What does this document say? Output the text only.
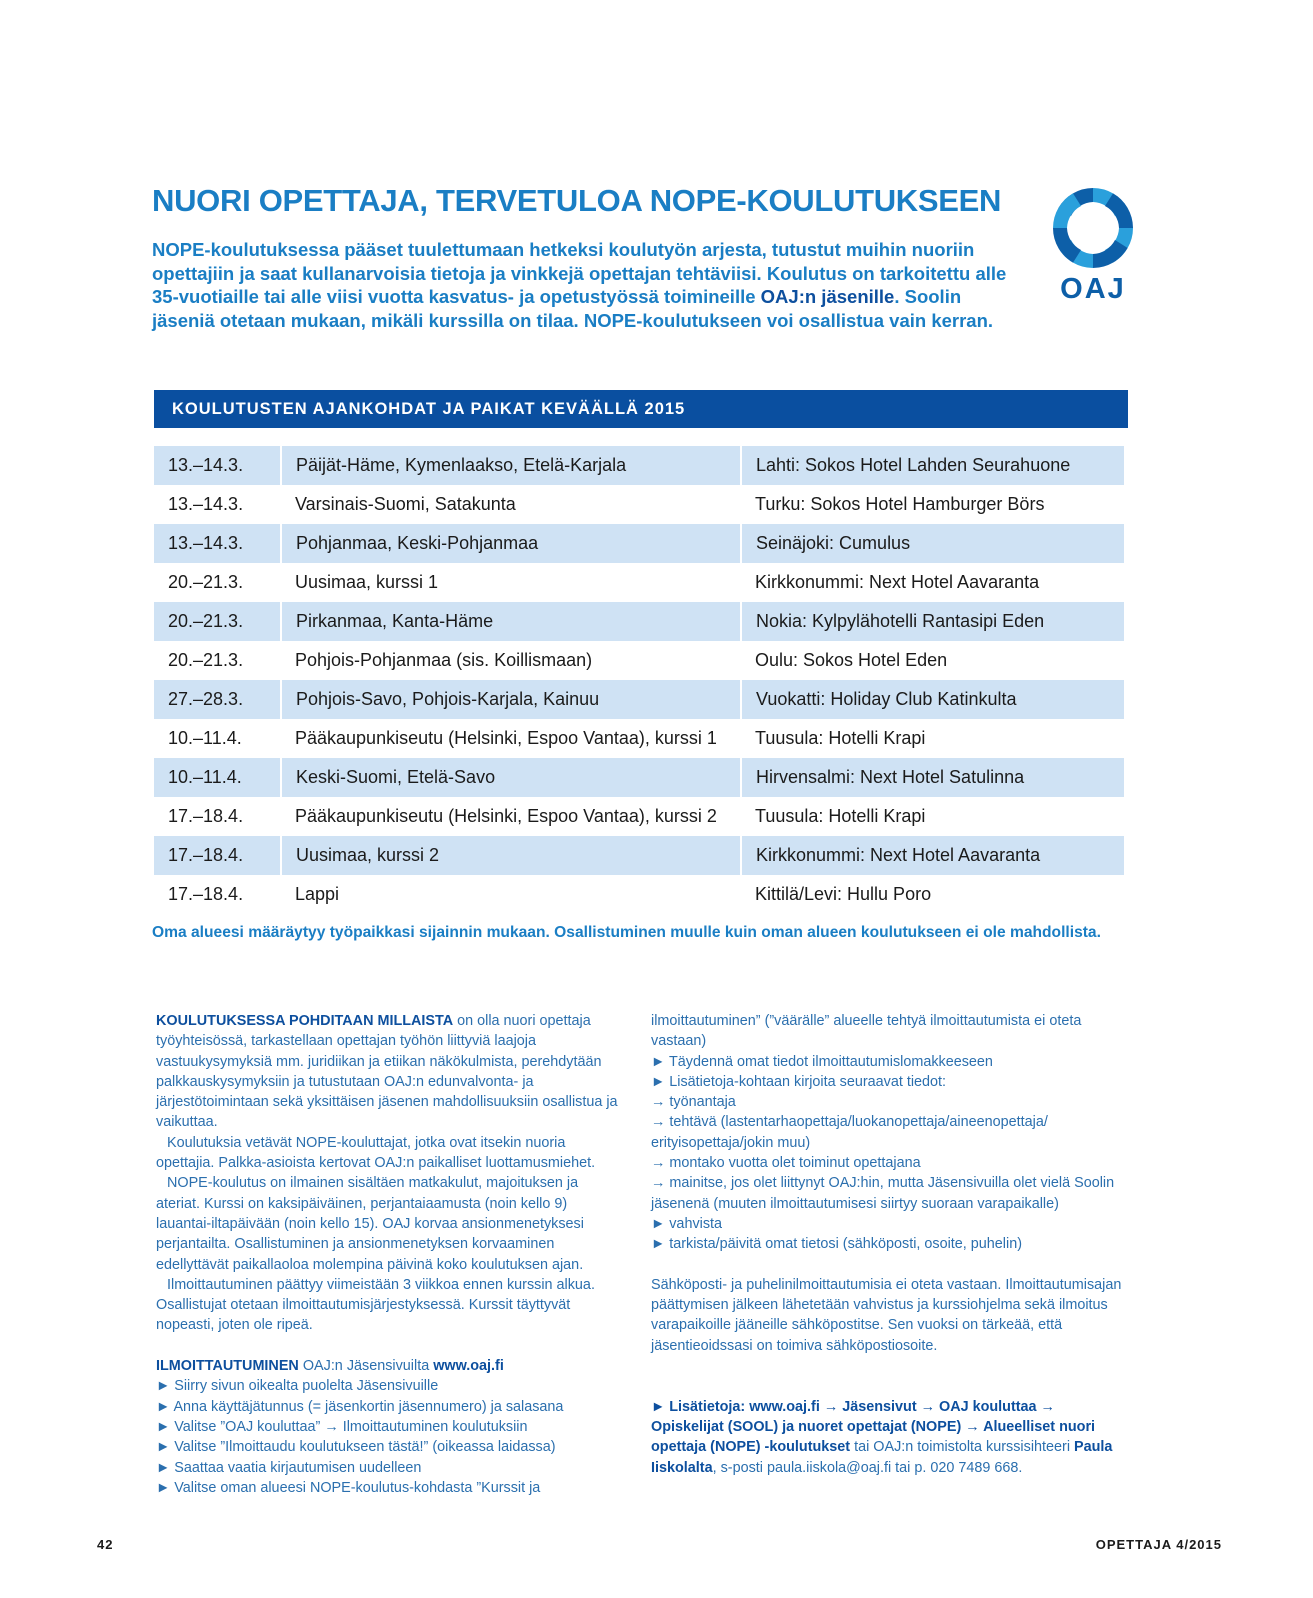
NUORI OPETTAJA, TERVETULOA NOPE-KOULUTUKSEEN

NOPE-koulutuksessa pääset tuulettumaan hetkeksi koulutyön arjesta, tutustut muihin nuoriin opettajiin ja saat kullanarvoisia tietoja ja vinkkejä opettajan tehtäviisi. Koulutus on tarkoitettu alle 35-vuotiaille tai alle viisi vuotta kasvatus- ja opetustyössä toimineille OAJ:n jäsenille. Soolin jäseniä otetaan mukaan, mikäli kurssilla on tilaa. NOPE-koulutukseen voi osallistua vain kerran.

OAJ
KOULUTUSTEN AJANKOHDAT JA PAIKAT KEVÄÄLLÄ 2015
13.–14.3.	Päijät-Häme, Kymenlaakso, Etelä-Karjala	Lahti: Sokos Hotel Lahden Seurahuone
13.–14.3.	Varsinais-Suomi, Satakunta	Turku: Sokos Hotel Hamburger Börs
13.–14.3.	Pohjanmaa, Keski-Pohjanmaa	Seinäjoki: Cumulus
20.–21.3.	Uusimaa, kurssi 1	Kirkkonummi: Next Hotel Aavaranta
20.–21.3.	Pirkanmaa, Kanta-Häme	Nokia: Kylpylähotelli Rantasipi Eden
20.–21.3.	Pohjois-Pohjanmaa (sis. Koillismaan)	Oulu: Sokos Hotel Eden
27.–28.3.	Pohjois-Savo, Pohjois-Karjala, Kainuu	Vuokatti: Holiday Club Katinkulta
10.–11.4.	Pääkaupunkiseutu (Helsinki, Espoo Vantaa), kurssi 1	Tuusula: Hotelli Krapi
10.–11.4.	Keski-Suomi, Etelä-Savo	Hirvensalmi: Next Hotel Satulinna
17.–18.4.	Pääkaupunkiseutu (Helsinki, Espoo Vantaa), kurssi 2	Tuusula: Hotelli Krapi
17.–18.4.	Uusimaa, kurssi 2	Kirkkonummi: Next Hotel Aavaranta
17.–18.4.	Lappi	Kittilä/Levi: Hullu Poro

Oma alueesi määräytyy työpaikkasi sijainnin mukaan. Osallistuminen muulle kuin oman alueen koulutukseen ei ole mahdollista.

KOULUTUKSESSA POHDITAAN MILLAISTA on olla nuori opettaja työyhteisössä, tarkastellaan opettajan työhön liittyviä laajoja vastuukysymyksiä mm. juridiikan ja etiikan näkökulmista, perehdytään palkkauskysymyksiin ja tutustutaan OAJ:n edunvalvonta- ja järjestötoimintaan sekä yksittäisen jäsenen mahdollisuuksiin osallistua ja vaikuttaa.

Koulutuksia vetävät NOPE-kouluttajat, jotka ovat itsekin nuoria opettajia. Palkka-asioista kertovat OAJ:n paikalliset luottamusmiehet.

NOPE-koulutus on ilmainen sisältäen matkakulut, majoituksen ja ateriat. Kurssi on kaksipäiväinen, perjantaiaamusta (noin kello 9) lauantai-iltapäivään (noin kello 15). OAJ korvaa ansionmenetyksesi perjantailta. Osallistuminen ja ansionmenetyksen korvaaminen edellyttävät paikallaoloa molempina päivinä koko koulutuksen ajan.

Ilmoittautuminen päättyy viimeistään 3 viikkoa ennen kurssin alkua. Osallistujat otetaan ilmoittautumisjärjestyksessä. Kurssit täyttyvät nopeasti, joten ole ripeä.

ILMOITTAUTUMINEN OAJ:n Jäsensivuilta www.oaj.fi

► Siirry sivun oikealta puolelta Jäsensivuille
► Anna käyttäjätunnus (= jäsenkortin jäsennumero) ja salasana
► Valitse ”OAJ kouluttaa” → Ilmoittautuminen koulutuksiin
► Valitse ”Ilmoittaudu koulutukseen tästä!” (oikeassa laidassa)
► Saattaa vaatia kirjautumisen uudelleen
► Valitse oman alueesi NOPE-koulutus-kohdasta ”Kurssit ja

ilmoittautuminen” (”väärälle” alueelle tehtyä ilmoittautumista ei oteta vastaan)

► Täydennä omat tiedot ilmoittautumislomakkeeseen
► Lisätietoja-kohtaan kirjoita seuraavat tiedot:
→ työnantaja
→ tehtävä (lastentarhaopettaja/luokanopettaja/aineenopettaja/ erityisopettaja/jokin muu)
→ montako vuotta olet toiminut opettajana
→ mainitse, jos olet liittynyt OAJ:hin, mutta Jäsensivuilla olet vielä Soolin jäsenenä (muuten ilmoittautumisesi siirtyy suoraan varapaikalle)
► vahvista
► tarkista/päivitä omat tietosi (sähköposti, osoite, puhelin)

Sähköposti- ja puhelinilmoittautumisia ei oteta vastaan. Ilmoittautumisajan päättymisen jälkeen lähetetään vahvistus ja kurssiohjelma sekä ilmoitus varapaikoille jääneille sähköpostitse. Sen vuoksi on tärkeää, että jäsentieoidssasi on toimiva sähköpostiosoite.

► Lisätietoja: www.oaj.fi → Jäsensivut → OAJ kouluttaa → Opiskelijat (SOOL) ja nuoret opettajat (NOPE) → Alueelliset nuori opettaja (NOPE) -koulutukset tai OAJ:n toimistolta kurssisihteeri Paula Iiskolalta, s-posti paula.iiskola@oaj.fi tai p. 020 7489 668.

42	OPETTAJA 4/2015
